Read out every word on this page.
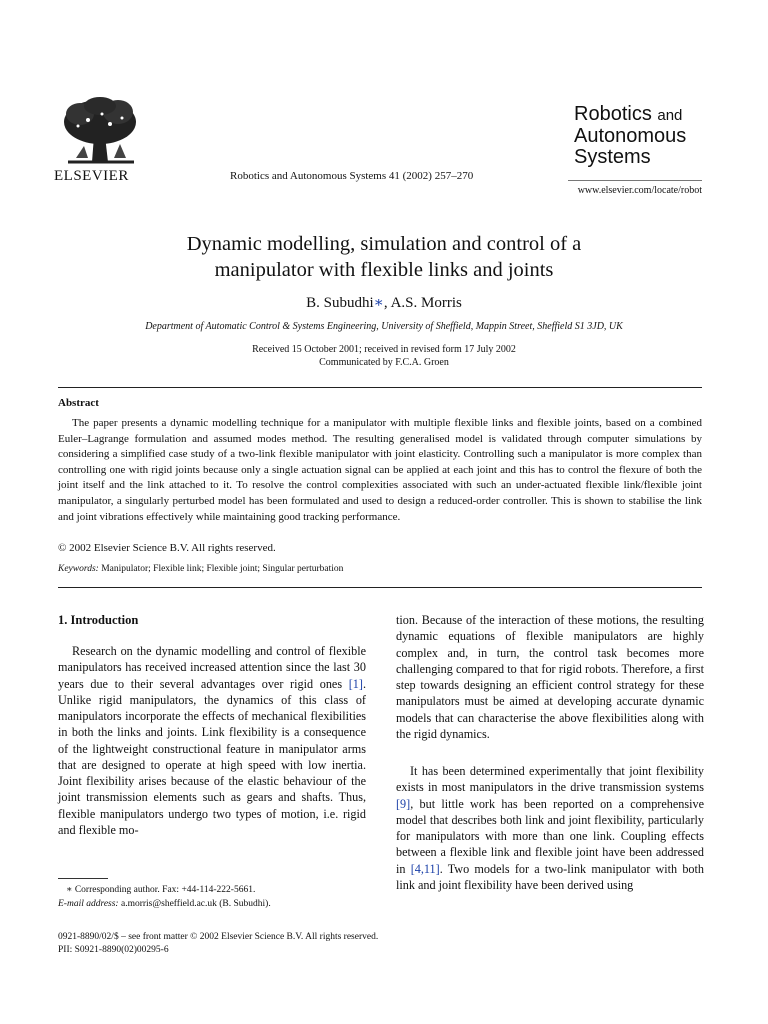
ELSEVIER	Robotics and Autonomous Systems 41 (2002) 257–270
Robotics and
Autonomous
Systems
www.elsevier.com/locate/robot
Dynamic modelling, simulation and control of a
manipulator with flexible links and joints
B. Subudhi∗, A.S. Morris
Department of Automatic Control & Systems Engineering, University of Sheffield, Mappin Street, Sheffield S1 3JD, UK
Received 15 October 2001; received in revised form 17 July 2002
Communicated by F.C.A. Groen
Abstract

The paper presents a dynamic modelling technique for a manipulator with multiple flexible links and flexible joints, based on a combined Euler–Lagrange formulation and assumed modes method. The resulting generalised model is validated through computer simulations by considering a simplified case study of a two-link flexible manipulator with joint elasticity. Controlling such a manipulator is more complex than controlling one with rigid joints because only a single actuation signal can be applied at each joint and this has to control the flexure of both the joint itself and the link attached to it. To resolve the control complexities associated with such an under-actuated flexible link/flexible joint manipulator, a singularly perturbed model has been formulated and used to design a reduced-order controller. This is shown to stabilise the link and joint vibrations effectively while maintaining good tracking performance.

© 2002 Elsevier Science B.V. All rights reserved.
Keywords: Manipulator; Flexible link; Flexible joint; Singular perturbation
1. Introduction

Research on the dynamic modelling and control of flexible manipulators has received increased attention since the last 30 years due to their several advantages over rigid ones [1]. Unlike rigid manipulators, the dynamics of this class of manipulators incorporate the effects of mechanical flexibilities in both the links and joints. Link flexibility is a consequence of the lightweight constructional feature in manipulator arms that are designed to operate at high speed with low inertia. Joint flexibility arises because of the elastic behaviour of the joint transmission elements such as gears and shafts. Thus, flexible manipulators undergo two types of motion, i.e. rigid and flexible mo-

tion. Because of the interaction of these motions, the resulting dynamic equations of flexible manipulators are highly complex and, in turn, the control task becomes more challenging compared to that for rigid robots. Therefore, a first step towards designing an efficient control strategy for these manipulators must be aimed at developing accurate dynamic models that can characterise the above flexibilities along with the rigid dynamics.

It has been determined experimentally that joint flexibility exists in most manipulators in the drive transmission systems [9], but little work has been reported on a comprehensive model that describes both link and joint flexibility, particularly for manipulators with more than one link. Coupling effects between a flexible link and flexible joint have been addressed in [4,11]. Two models for a two-link manipulator with both link and joint flexibility have been derived using

∗ Corresponding author. Fax: +44-114-222-5661.
E-mail address: a.morris@sheffield.ac.uk (B. Subudhi).
0921-8890/02/$ – see front matter © 2002 Elsevier Science B.V. All rights reserved.
PII: S0921-8890(02)00295-6
